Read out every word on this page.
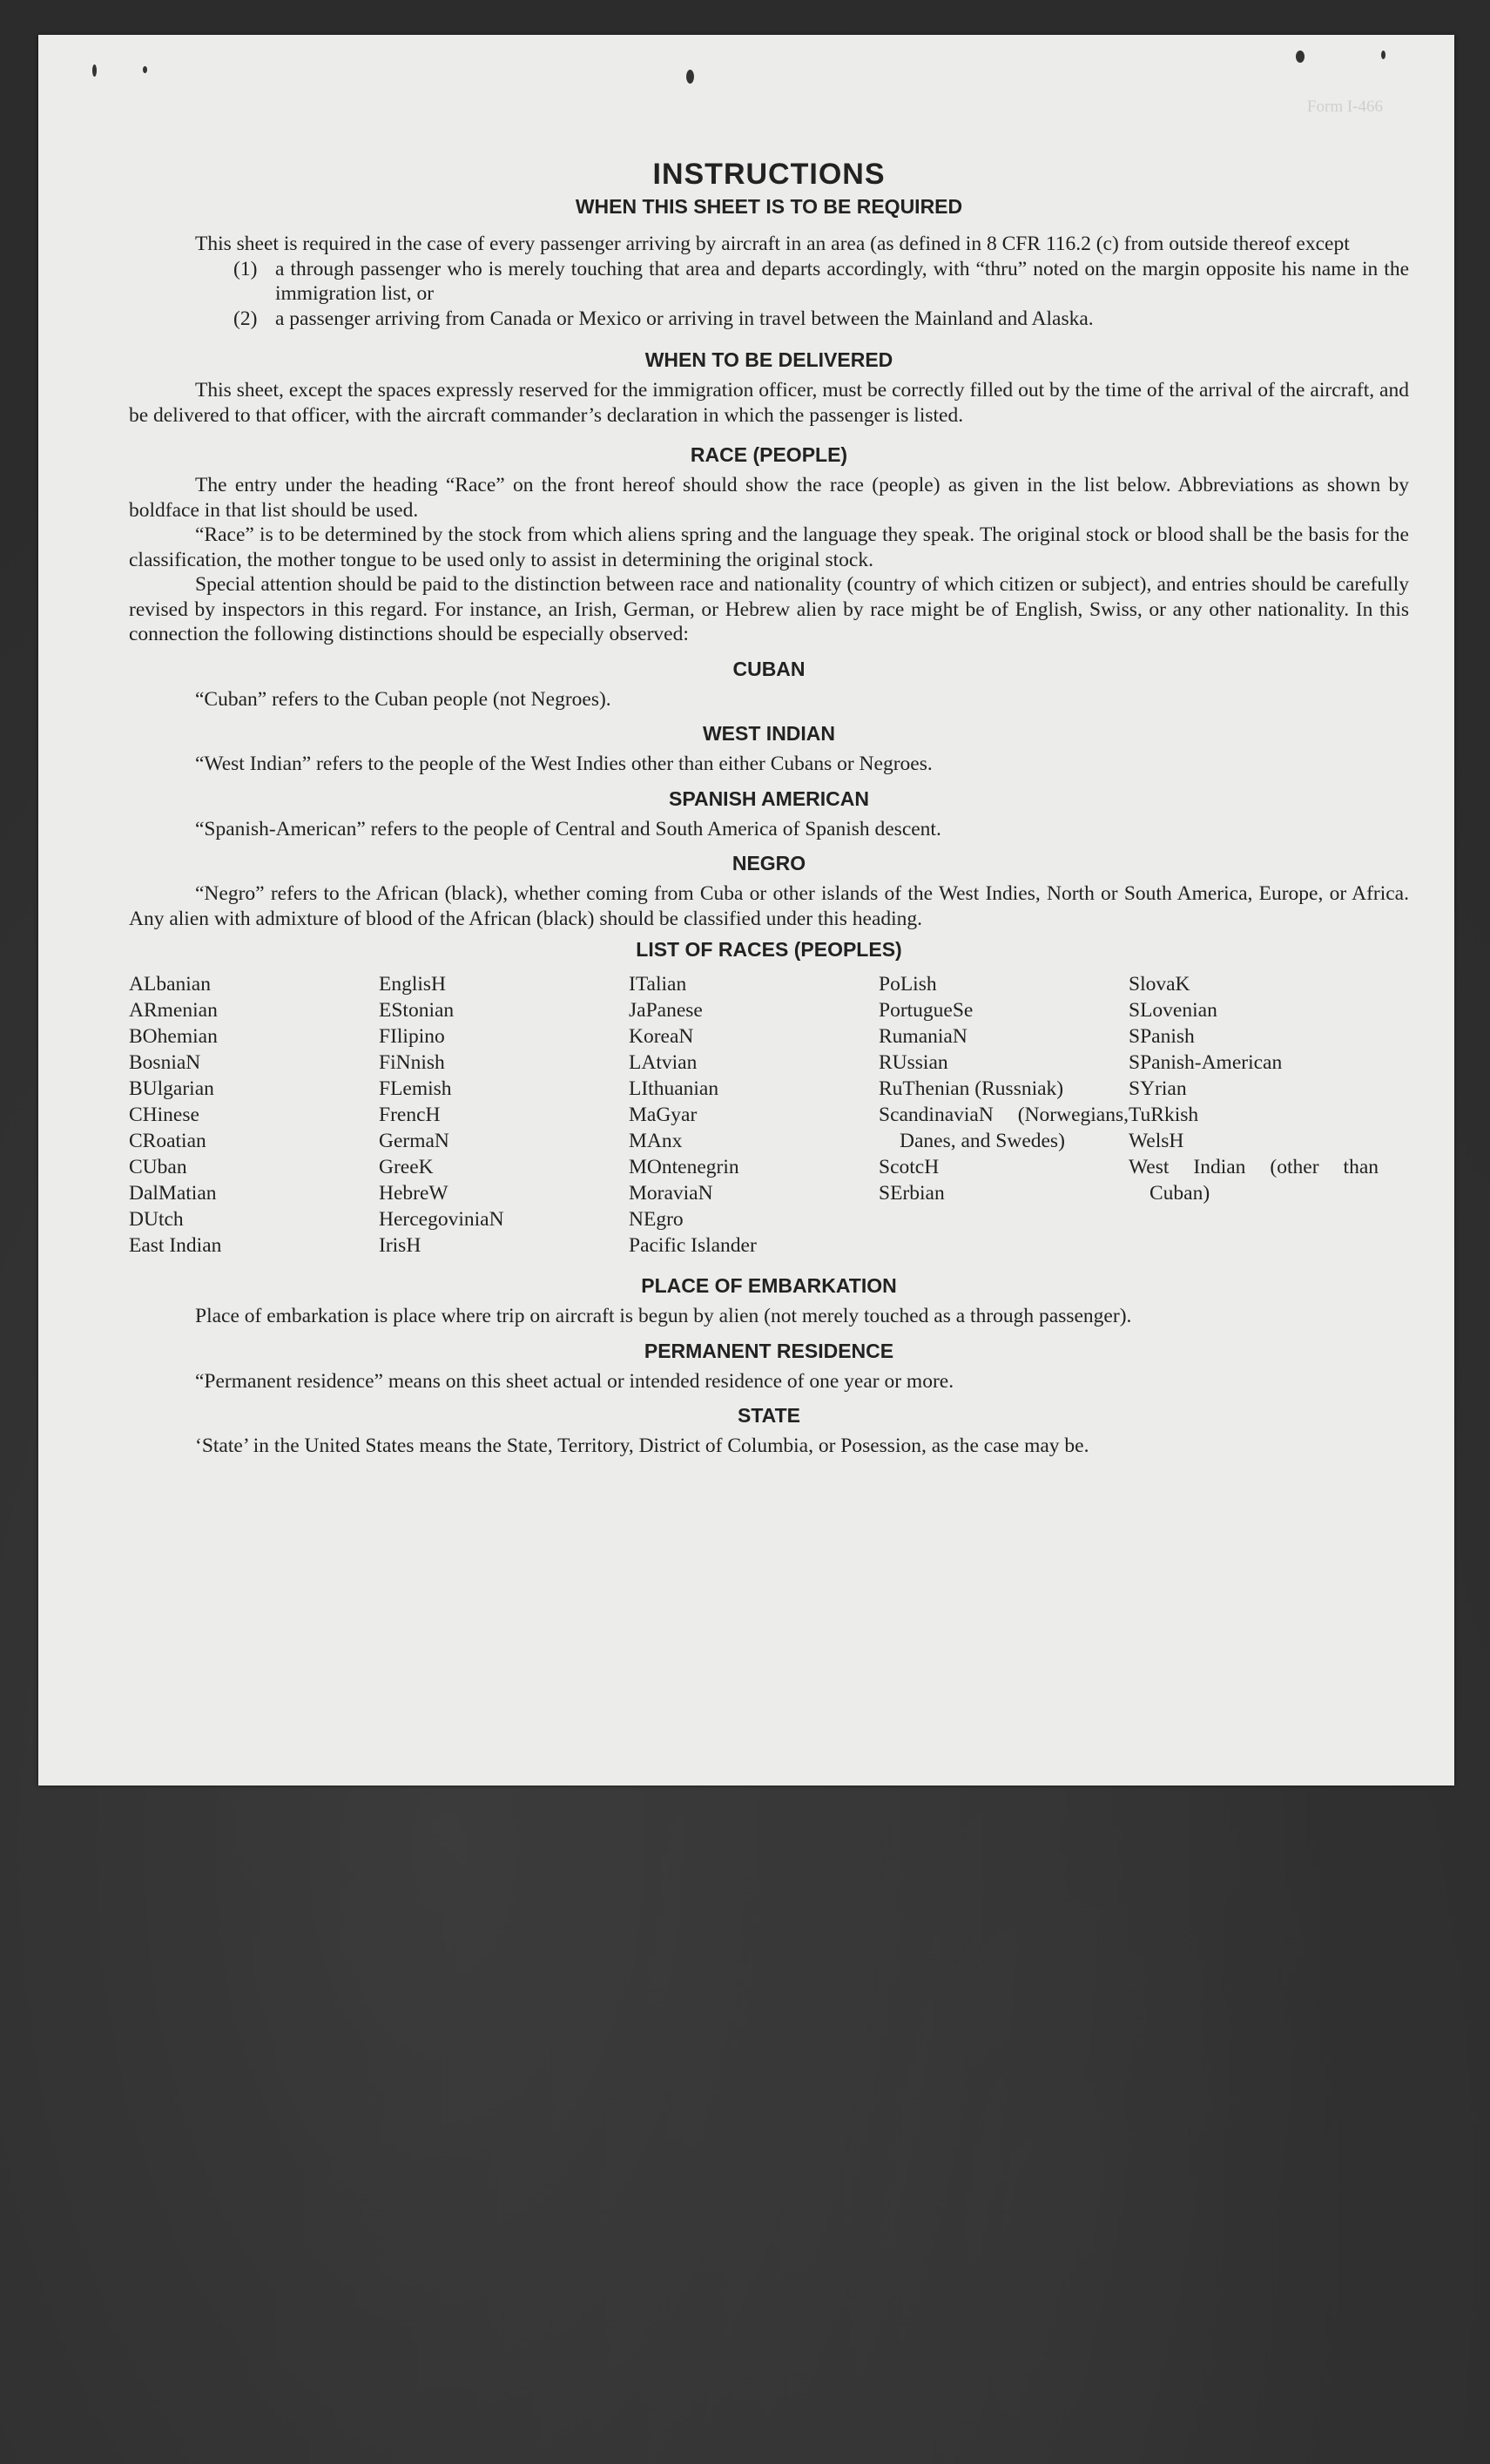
Form I-466
INSTRUCTIONS
WHEN THIS SHEET IS TO BE REQUIRED

This sheet is required in the case of every passenger arriving by aircraft in an area (as defined in 8 CFR 116.2 (c) from outside thereof except

(1) a through passenger who is merely touching that area and departs accordingly, with “thru” noted on the margin opposite his name in the immigration list, or

(2) a passenger arriving from Canada or Mexico or arriving in travel between the Mainland and Alaska.

WHEN TO BE DELIVERED

This sheet, except the spaces expressly reserved for the immigration officer, must be correctly filled out by the time of the arrival of the aircraft, and be delivered to that officer, with the aircraft commander’s declaration in which the passenger is listed.

RACE (PEOPLE)

The entry under the heading “Race” on the front hereof should show the race (people) as given in the list below. Abbreviations as shown by boldface in that list should be used.

“Race” is to be determined by the stock from which aliens spring and the language they speak. The original stock or blood shall be the basis for the classification, the mother tongue to be used only to assist in determining the original stock.

Special attention should be paid to the distinction between race and nationality (country of which citizen or subject), and entries should be carefully revised by inspectors in this regard. For instance, an Irish, German, or Hebrew alien by race might be of English, Swiss, or any other nationality. In this connection the following distinctions should be especially observed:

CUBAN

“Cuban” refers to the Cuban people (not Negroes).

WEST INDIAN

“West Indian” refers to the people of the West Indies other than either Cubans or Negroes.

SPANISH AMERICAN

“Spanish-American” refers to the people of Central and South America of Spanish descent.

NEGRO

“Negro” refers to the African (black), whether coming from Cuba or other islands of the West Indies, North or South America, Europe, or Africa. Any alien with admixture of blood of the African (black) should be classified under this heading.

LIST OF RACES (PEOPLES)
ALbanian
ARmenian
BOhemian
BosniaN
BUlgarian
CHinese
CRoatian
CUban
DalMatian
DUtch
East Indian
EnglisH
EStonian
FIlipino
FiNnish
FLemish
FrencH
GermaN
GreeK
HebreW
HercegoviniaN
IrisH
ITalian
JaPanese
KoreaN
LAtvian
LIthuanian
MaGyar
MAnx
MOntenegrin
MoraviaN
NEgro
Pacific Islander
PoLish
PortugueSe
RumaniaN
RUssian
RuThenian (Russniak)
ScandinaviaN (Norwegians, Danes, and Swedes)
ScotcH
SErbian
SlovaK
SLovenian
SPanish
SPanish-American
SYrian
TuRkish
WelsH
West Indian (other than Cuban)
PLACE OF EMBARKATION

Place of embarkation is place where trip on aircraft is begun by alien (not merely touched as a through passenger).

PERMANENT RESIDENCE

“Permanent residence” means on this sheet actual or intended residence of one year or more.

STATE

‘State’ in the United States means the State, Territory, District of Columbia, or Posession, as the case may be.
